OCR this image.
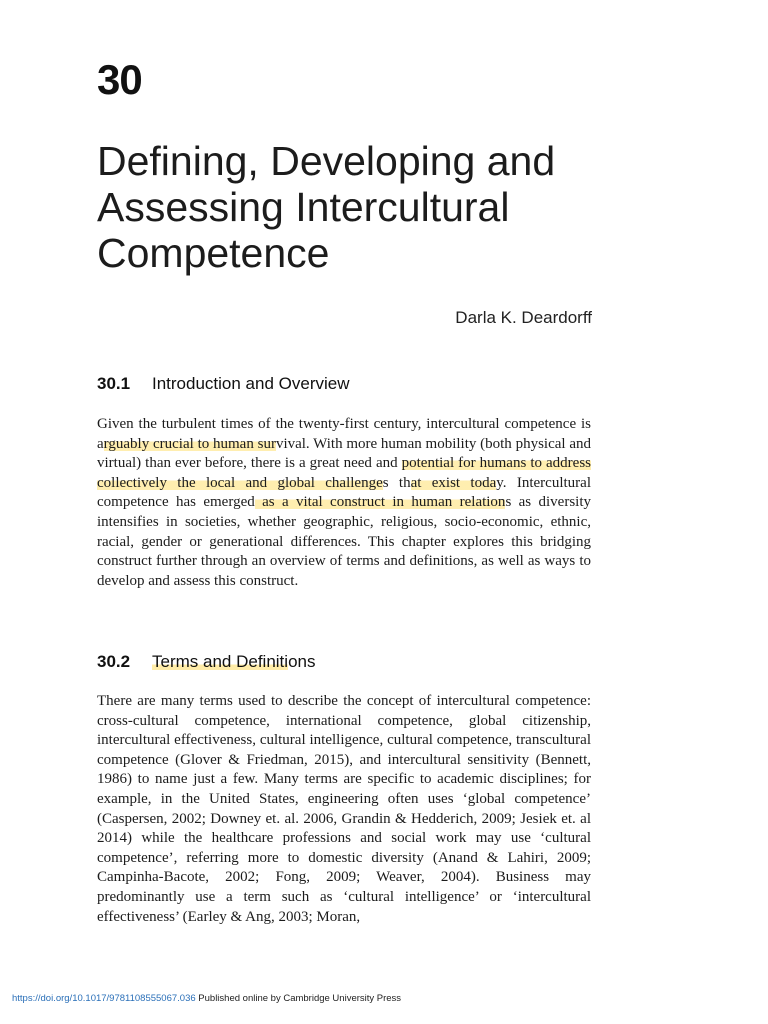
30
Defining, Developing and Assessing Intercultural Competence
Darla K. Deardorff
30.1 Introduction and Overview

Given the turbulent times of the twenty-first century, intercultural competence is arguably crucial to human survival. With more human mobility (both physical and virtual) than ever before, there is a great need and potential for humans to address collectively the local and global challenges that exist today. Intercultural competence has emerged as a vital construct in human relations as diversity intensifies in societies, whether geographic, religious, socio-economic, ethnic, racial, gender or generational differences. This chapter explores this bridging construct further through an overview of terms and definitions, as well as ways to develop and assess this construct.

30.2 Terms and Definitions

There are many terms used to describe the concept of intercultural competence: cross-cultural competence, international competence, global citizenship, intercultural effectiveness, cultural intelligence, cultural competence, transcultural competence (Glover & Friedman, 2015), and intercultural sensitivity (Bennett, 1986) to name just a few. Many terms are specific to academic disciplines; for example, in the United States, engineering often uses ‘global competence’ (Caspersen, 2002; Downey et. al. 2006, Grandin & Hedderich, 2009; Jesiek et. al 2014) while the healthcare professions and social work may use ‘cultural competence’, referring more to domestic diversity (Anand & Lahiri, 2009; Campinha-Bacote, 2002; Fong, 2009; Weaver, 2004). Business may predominantly use a term such as ‘cultural intelligence’ or ‘intercultural effectiveness’ (Earley & Ang, 2003; Moran,

https://doi.org/10.1017/9781108555067.036 Published online by Cambridge University Press
